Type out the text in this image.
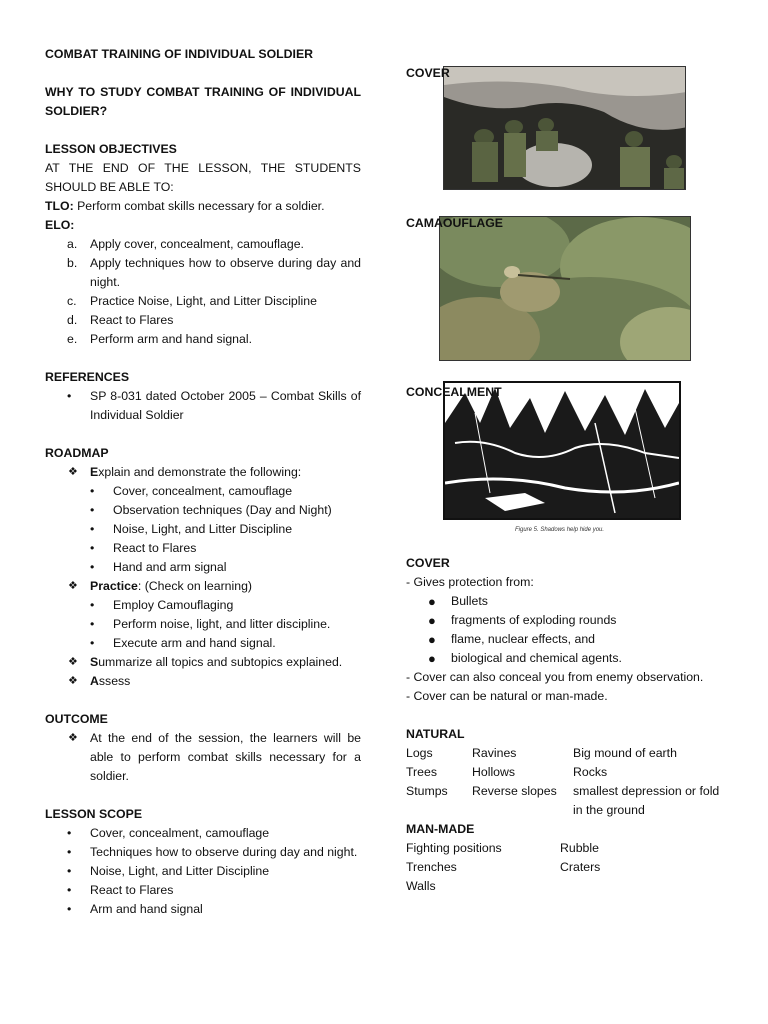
COMBAT TRAINING OF INDIVIDUAL SOLDIER
WHY TO STUDY COMBAT TRAINING OF INDIVIDUAL SOLDIER?
LESSON OBJECTIVES
AT THE END OF THE LESSON, THE STUDENTS SHOULD BE ABLE TO:
TLO: Perform combat skills necessary for a soldier.
ELO:
a. Apply cover, concealment, camouflage.
b. Apply techniques how to observe during day and night.
c. Practice Noise, Light, and Litter Discipline
d. React to Flares
e. Perform arm and hand signal.
REFERENCES
• SP 8-031 dated October 2005 – Combat Skills of Individual Soldier
ROADMAP
❖ Explain and demonstrate the following:
• Cover, concealment, camouflage
• Observation techniques (Day and Night)
• Noise, Light, and Litter Discipline
• React to Flares
• Hand and arm signal
❖ Practice: (Check on learning)
• Employ Camouflaging
• Perform noise, light, and litter discipline.
• Execute arm and hand signal.
❖ Summarize all topics and subtopics explained.
❖ Assess
OUTCOME
❖ At the end of the session, the learners will be able to perform combat skills necessary for a soldier.
LESSON SCOPE
• Cover, concealment, camouflage
• Techniques how to observe during day and night.
• Noise, Light, and Litter Discipline
• React to Flares
• Arm and hand signal
COVER
CAMAOUFLAGE
CONCEALMENT
Figure 5. Shadows help hide you.
COVER
- Gives protection from:
● Bullets
● fragments of exploding rounds
● flame, nuclear effects, and
● biological and chemical agents.
- Cover can also conceal you from enemy observation.
- Cover can be natural or man-made.
NATURAL
Logs	Ravines	Big mound of earth
Trees	Hollows	Rocks
Stumps	Reverse slopes	smallest depression or fold in the ground
MAN-MADE
Fighting positions	Rubble
Trenches	Craters
Walls
